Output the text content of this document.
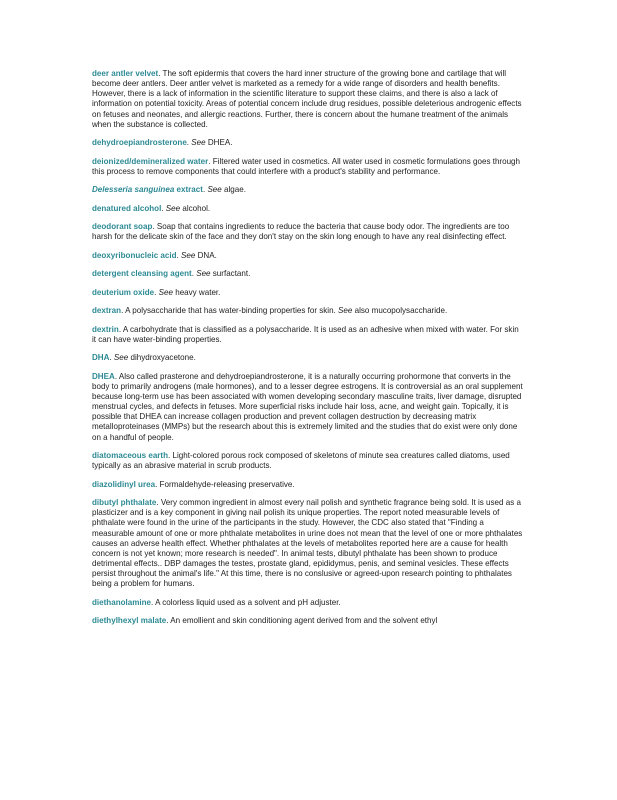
deer antler velvet. The soft epidermis that covers the hard inner structure of the growing bone and cartilage that will become deer antlers. Deer antler velvet is marketed as a remedy for a wide range of disorders and health benefits. However, there is a lack of information in the scientific literature to support these claims, and there is also a lack of information on potential toxicity. Areas of potential concern include drug residues, possible deleterious androgenic effects on fetuses and neonates, and allergic reactions. Further, there is concern about the humane treatment of the animals when the substance is collected.

dehydroepiandrosterone. See DHEA.

deionized/demineralized water. Filtered water used in cosmetics. All water used in cosmetic formulations goes through this process to remove components that could interfere with a product's stability and performance.

Delesseria sanguinea extract. See algae.

denatured alcohol. See alcohol.

deodorant soap. Soap that contains ingredients to reduce the bacteria that cause body odor. The ingredients are too harsh for the delicate skin of the face and they don't stay on the skin long enough to have any real disinfecting effect.

deoxyribonucleic acid. See DNA.

detergent cleansing agent. See surfactant.

deuterium oxide. See heavy water.

dextran. A polysaccharide that has water-binding properties for skin. See also mucopolysaccharide.

dextrin. A carbohydrate that is classified as a polysaccharide. It is used as an adhesive when mixed with water. For skin it can have water-binding properties.

DHA. See dihydroxyacetone.

DHEA. Also called prasterone and dehydroepiandrosterone, it is a naturally occurring prohormone that converts in the body to primarily androgens (male hormones), and to a lesser degree estrogens. It is controversial as an oral supplement because long-term use has been associated with women developing secondary masculine traits, liver damage, disrupted menstrual cycles, and defects in fetuses. More superficial risks include hair loss, acne, and weight gain. Topically, it is possible that DHEA can increase collagen production and prevent collagen destruction by decreasing matrix metalloproteinases (MMPs) but the research about this is extremely limited and the studies that do exist were only done on a handful of people.

diatomaceous earth. Light-colored porous rock composed of skeletons of minute sea creatures called diatoms, used typically as an abrasive material in scrub products.

diazolidinyl urea. Formaldehyde-releasing preservative.

dibutyl phthalate. Very common ingredient in almost every nail polish and synthetic fragrance being sold. It is used as a plasticizer and is a key component in giving nail polish its unique properties. The report noted measurable levels of phthalate were found in the urine of the participants in the study. However, the CDC also stated that "Finding a measurable amount of one or more phthalate metabolites in urine does not mean that the level of one or more phthalates causes an adverse health effect. Whether phthalates at the levels of metabolites reported here are a cause for health concern is not yet known; more research is needed". In animal tests, dibutyl phthalate has been shown to produce detrimental effects.. DBP damages the testes, prostate gland, epididymus, penis, and seminal vesicles. These effects persist throughout the animal's life." At this time, there is no conslusive or agreed-upon research pointing to phthalates being a problem for humans.

diethanolamine. A colorless liquid used as a solvent and pH adjuster.

diethylhexyl malate. An emollient and skin conditioning agent derived from and the solvent ethyl
